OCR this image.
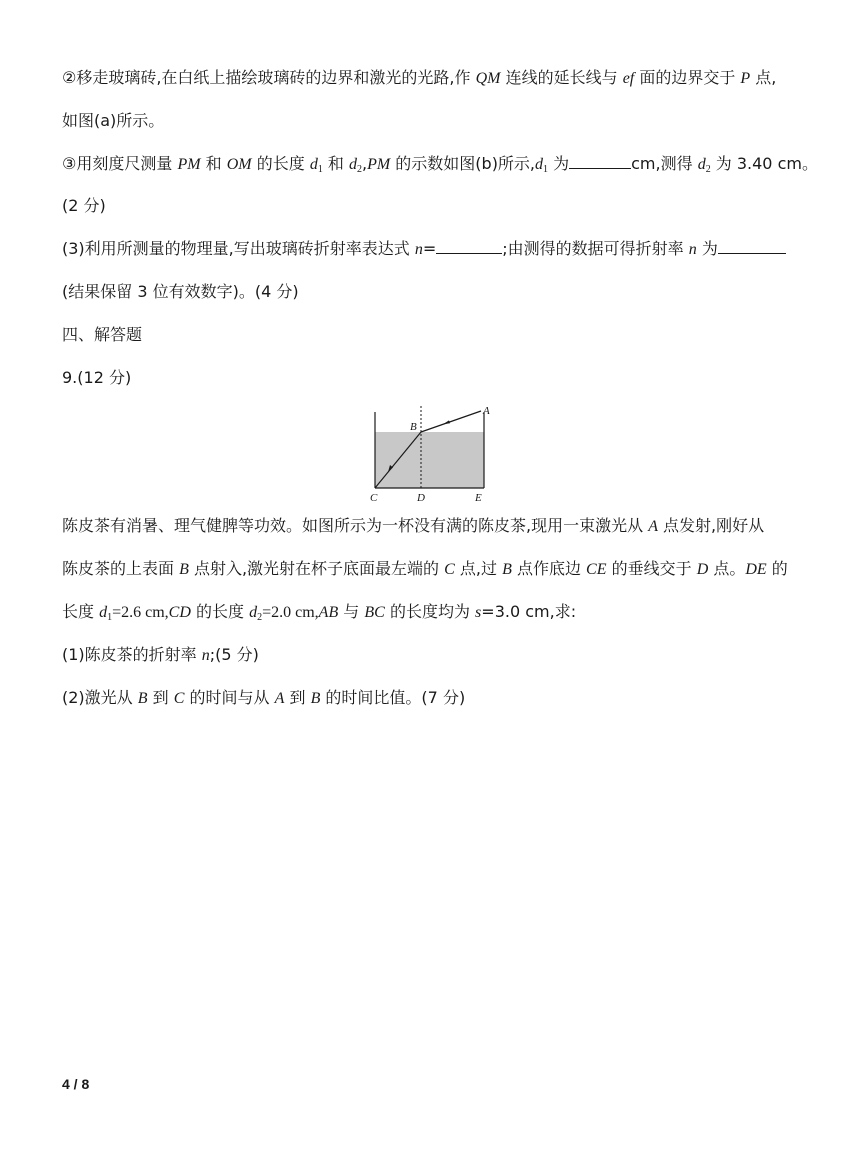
②移走玻璃砖,在白纸上描绘玻璃砖的边界和激光的光路,作 QM 连线的延长线与 ef 面的边界交于 P 点,
如图(a)所示。
③用刻度尺测量 PM 和 OM 的长度 $d_1$ 和 $d_2,PM$ 的示数如图(b)所示$,d_1$ 为	cm,测得 $d_2$ 为 3.40 cm。
(2 分)
(3)利用所测量的物理量,写出玻璃砖折射率表达式 n=	;由测得的数据可得折射率 n 为
(结果保留 3 位有效数字)。(4 分)
四、解答题
9.(12 分)
A
B
C	D	E
陈皮茶有消暑、理气健脾等功效。如图所示为一杯没有满的陈皮茶,现用一束激光从 A 点发射,刚好从
陈皮茶的上表面 B 点射入,激光射在杯子底面最左端的 C 点,过 B 点作底边 CE 的垂线交于 D 点。DE 的
长度 $d_1=2.6$ cm,CD 的长度 $d_2=2.0$ cm,AB 与 BC 的长度均为 s=3.0 cm,求:
(1)陈皮茶的折射率 n;(5 分)
(2)激光从 B 到 C 的时间与从 A 到 B 的时间比值。(7 分)
4 / 8
